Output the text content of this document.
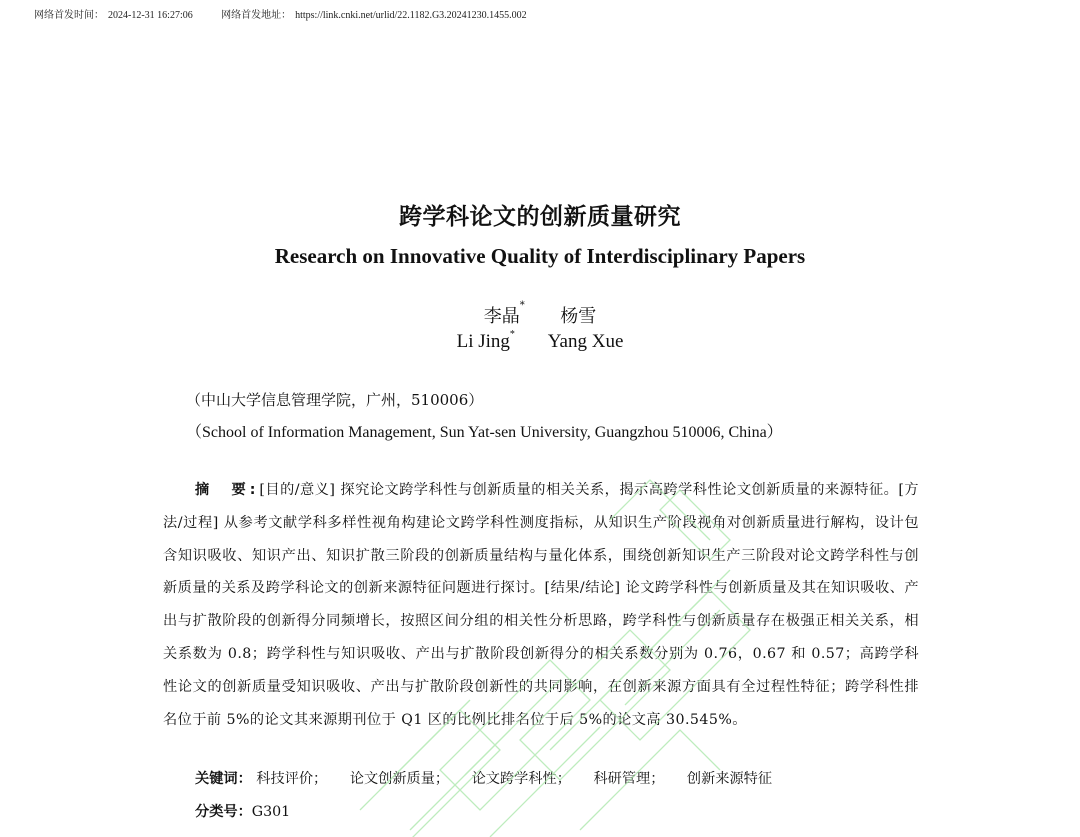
网络首发时间： 2024-12-31 16:27:06	网络首发地址： https://link.cnki.net/urlid/22.1182.G3.20241230.1455.002
跨学科论文的创新质量研究
Research on Innovative Quality of Interdisciplinary Papers
李晶*  杨雪
Li Jing* Yang Xue
（中山大学信息管理学院，广州，510006）
（School of Information Management, Sun Yat-sen University, Guangzhou 510006, China）
摘　要:[目的/意义] 探究论文跨学科性与创新质量的相关关系，揭示高跨学科性论文创新质量的来源特征。[方法/过程] 从参考文献学科多样性视角构建论文跨学科性测度指标，从知识生产阶段视角对创新质量进行解构，设计包含知识吸收、知识产出、知识扩散三阶段的创新质量结构与量化体系，围绕创新知识生产三阶段对论文跨学科性与创新质量的关系及跨学科论文的创新来源特征问题进行探讨。[结果/结论] 论文跨学科性与创新质量及其在知识吸收、产出与扩散阶段的创新得分同频增长，按照区间分组的相关性分析思路，跨学科性与创新质量存在极强正相关关系，相关系数为 0.8；跨学科性与知识吸收、产出与扩散阶段创新得分的相关系数分别为 0.76，0.67 和 0.57；高跨学科性论文的创新质量受知识吸收、产出与扩散阶段创新性的共同影响，在创新来源方面具有全过程性特征；跨学科性排名位于前 5%的论文其来源期刊位于 Q1 区的比例比排名位于后 5%的论文高 30.545%。
关键词： 科技评价； 论文创新质量； 论文跨学科性； 科研管理； 创新来源特征
分类号：G301
